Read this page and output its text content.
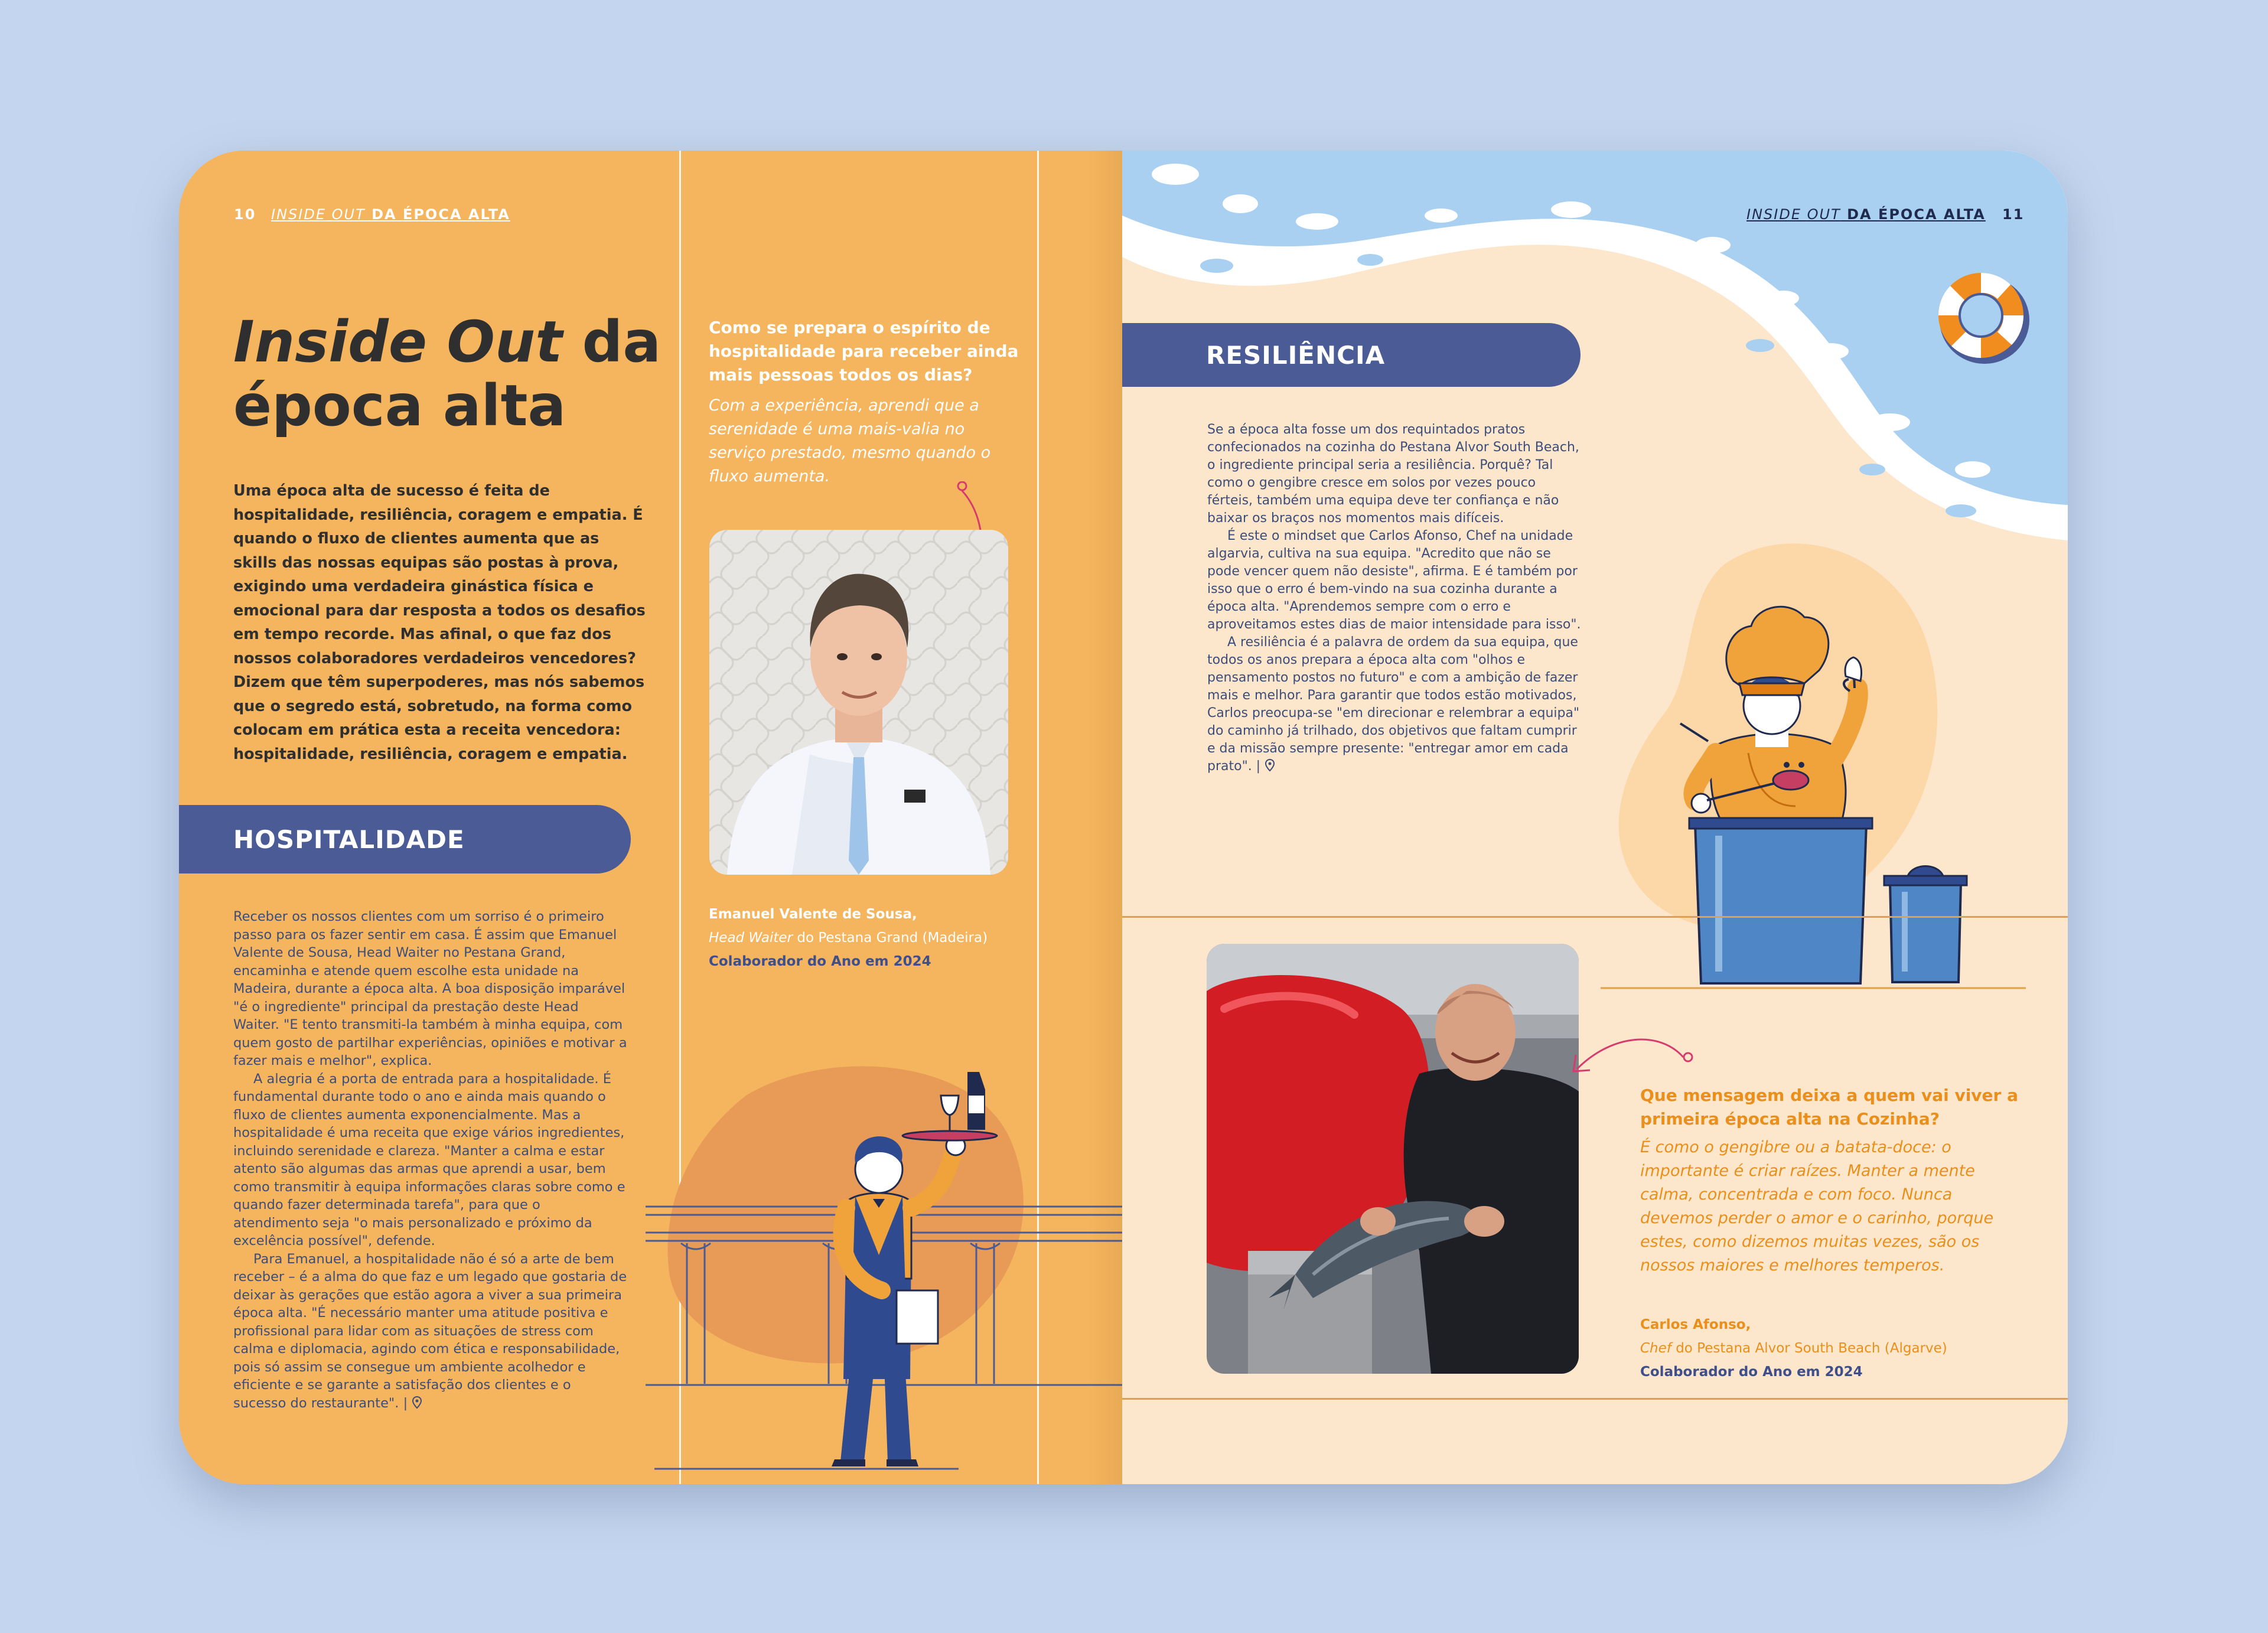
10 INSIDE OUT DA ÉPOCA ALTA
Inside Out da
época alta
Uma época alta de sucesso é feita de hospitalidade, resiliência, coragem e empatia. É quando o fluxo de clientes aumenta que as skills das nossas equipas são postas à prova, exigindo uma verdadeira ginástica física e emocional para dar resposta a todos os desafios em tempo recorde. Mas afinal, o que faz dos nossos colaboradores verdadeiros vencedores? Dizem que têm superpoderes, mas nós sabemos que o segredo está, sobretudo, na forma como colocam em prática esta a receita vencedora: hospitalidade, resiliência, coragem e empatia.
HOSPITALIDADE

Receber os nossos clientes com um sorriso é o primeiro passo para os fazer sentir em casa. É assim que Emanuel Valente de Sousa, Head Waiter no Pestana Grand, encaminha e atende quem escolhe esta unidade na Madeira, durante a época alta. A boa disposição imparável "é o ingrediente" principal da prestação deste Head Waiter. "E tento transmiti-la também à minha equipa, com quem gosto de partilhar experiências, opiniões e motivar a fazer mais e melhor", explica.

A alegria é a porta de entrada para a hospitalidade. É fundamental durante todo o ano e ainda mais quando o fluxo de clientes aumenta exponencialmente. Mas a hospitalidade é uma receita que exige vários ingredientes, incluindo serenidade e clareza. "Manter a calma e estar atento são algumas das armas que aprendi a usar, bem como transmitir à equipa informações claras sobre como e quando fazer determinada tarefa", para que o atendimento seja "o mais personalizado e próximo da excelência possível", defende.

Para Emanuel, a hospitalidade não é só a arte de bem receber – é a alma do que faz e um legado que gostaria de deixar às gerações que estão agora a viver a sua primeira época alta. "É necessário manter uma atitude positiva e profissional para lidar com as situações de stress com calma e diplomacia, agindo com ética e responsabilidade, pois só assim se consegue um ambiente acolhedor e eficiente e se garante a satisfação dos clientes e o sucesso do restaurante". |

Como se prepara o espírito de hospitalidade para receber ainda mais pessoas todos os dias?
Com a experiência, aprendi que a serenidade é uma mais-valia no serviço prestado, mesmo quando o fluxo aumenta.
Emanuel Valente de Sousa,
Head Waiter do Pestana Grand (Madeira)
Colaborador do Ano em 2024
INSIDE OUT DA ÉPOCA ALTA 11
RESILIÊNCIA

Se a época alta fosse um dos requintados pratos confecionados na cozinha do Pestana Alvor South Beach, o ingrediente principal seria a resiliência. Porquê? Tal como o gengibre cresce em solos por vezes pouco férteis, também uma equipa deve ter confiança e não baixar os braços nos momentos mais difíceis.

É este o mindset que Carlos Afonso, Chef na unidade algarvia, cultiva na sua equipa. "Acredito que não se pode vencer quem não desiste", afirma. E é também por isso que o erro é bem-vindo na sua cozinha durante a época alta. "Aprendemos sempre com o erro e aproveitamos estes dias de maior intensidade para isso".

A resiliência é a palavra de ordem da sua equipa, que todos os anos prepara a época alta com "olhos e pensamento postos no futuro" e com a ambição de fazer mais e melhor. Para garantir que todos estão motivados, Carlos preocupa-se "em direcionar e relembrar a equipa" do caminho já trilhado, dos objetivos que faltam cumprir e da missão sempre presente: "entregar amor em cada prato". |

Que mensagem deixa a quem vai viver a primeira época alta na Cozinha?
É como o gengibre ou a batata-doce: o importante é criar raízes. Manter a mente calma, concentrada e com foco. Nunca devemos perder o amor e o carinho, porque estes, como dizemos muitas vezes, são os nossos maiores e melhores temperos.
Carlos Afonso,
Chef do Pestana Alvor South Beach (Algarve)
Colaborador do Ano em 2024
